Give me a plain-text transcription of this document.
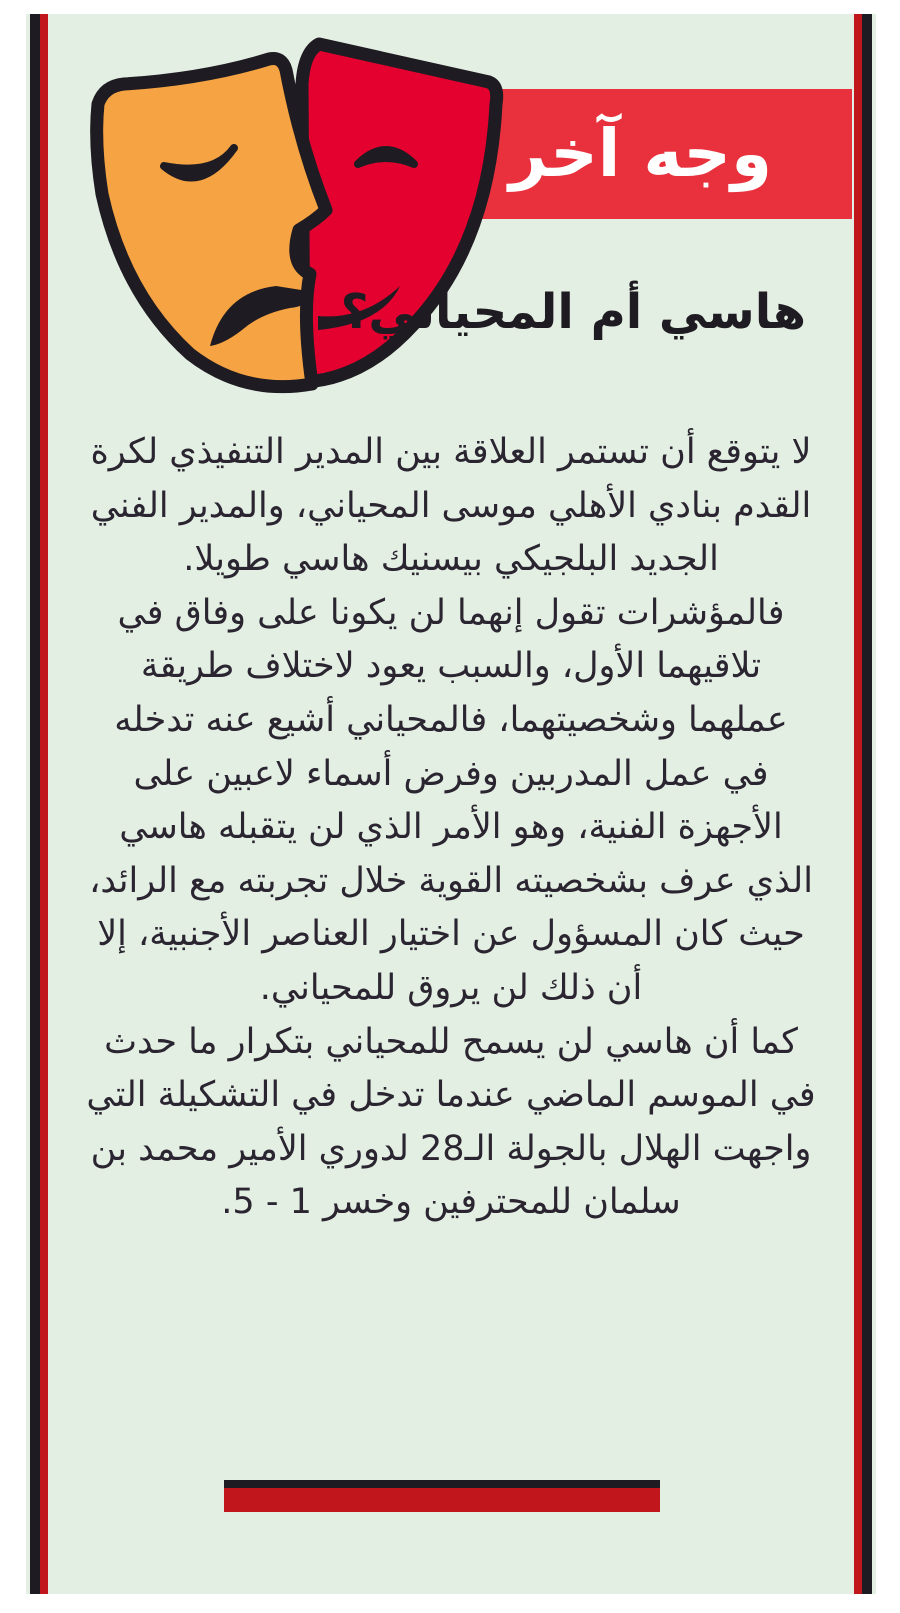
وجه آخر
هاسي أم المحياني؟

لا يتوقع أن تستمر العلاقة بين المدير التنفيذي لكرة القدم بنادي الأهلي موسى المحياني، والمدير الفني الجديد البلجيكي بيسنيك هاسي طويلا.

فالمؤشرات تقول إنهما لن يكونا على وفاق في تلاقيهما الأول، والسبب يعود لاختلاف طريقة عملهما وشخصيتهما، فالمحياني أشيع عنه تدخله في عمل المدربين وفرض أسماء لاعبين على الأجهزة الفنية، وهو الأمر الذي لن يتقبله هاسي الذي عرف بشخصيته القوية خلال تجربته مع الرائد، حيث كان المسؤول عن اختيار العناصر الأجنبية، إلا أن ذلك لن يروق للمحياني.

كما أن هاسي لن يسمح للمحياني بتكرار ما حدث في الموسم الماضي عندما تدخل في التشكيلة التي واجهت الهلال بالجولة الـ28 لدوري الأمير محمد بن سلمان للمحترفين وخسر 1 - 5.
